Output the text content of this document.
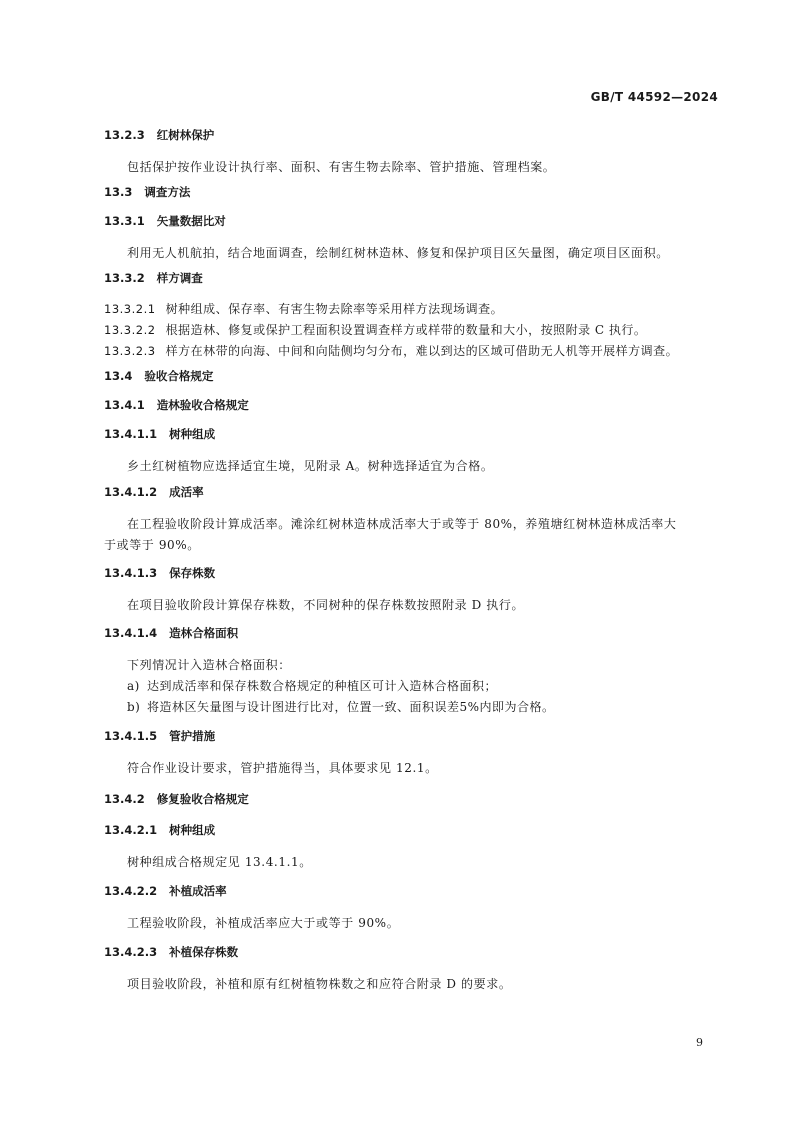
GB/T 44592—2024
13.2.3 红树林保护
包括保护按作业设计执行率、面积、有害生物去除率、管护措施、管理档案。
13.3 调查方法
13.3.1 矢量数据比对
利用无人机航拍，结合地面调查，绘制红树林造林、修复和保护项目区矢量图，确定项目区面积。
13.3.2 样方调查
13.3.2.1 树种组成、保存率、有害生物去除率等采用样方法现场调查。
13.3.2.2 根据造林、修复或保护工程面积设置调查样方或样带的数量和大小，按照附录 C 执行。
13.3.2.3 样方在林带的向海、中间和向陆侧均匀分布，难以到达的区域可借助无人机等开展样方调查。
13.4 验收合格规定
13.4.1 造林验收合格规定
13.4.1.1 树种组成
乡土红树植物应选择适宜生境，见附录 A。树种选择适宜为合格。
13.4.1.2 成活率
在工程验收阶段计算成活率。滩涂红树林造林成活率大于或等于 80%，养殖塘红树林造林成活率大
于或等于 90%。
13.4.1.3 保存株数
在项目验收阶段计算保存株数，不同树种的保存株数按照附录 D 执行。
13.4.1.4 造林合格面积
下列情况计入造林合格面积：
a) 达到成活率和保存株数合格规定的种植区可计入造林合格面积；
b) 将造林区矢量图与设计图进行比对，位置一致、面积误差5%内即为合格。
13.4.1.5 管护措施
符合作业设计要求，管护措施得当，具体要求见 12.1。
13.4.2 修复验收合格规定
13.4.2.1 树种组成
树种组成合格规定见 13.4.1.1。
13.4.2.2 补植成活率
工程验收阶段，补植成活率应大于或等于 90%。
13.4.2.3 补植保存株数
项目验收阶段，补植和原有红树植物株数之和应符合附录 D 的要求。
9
